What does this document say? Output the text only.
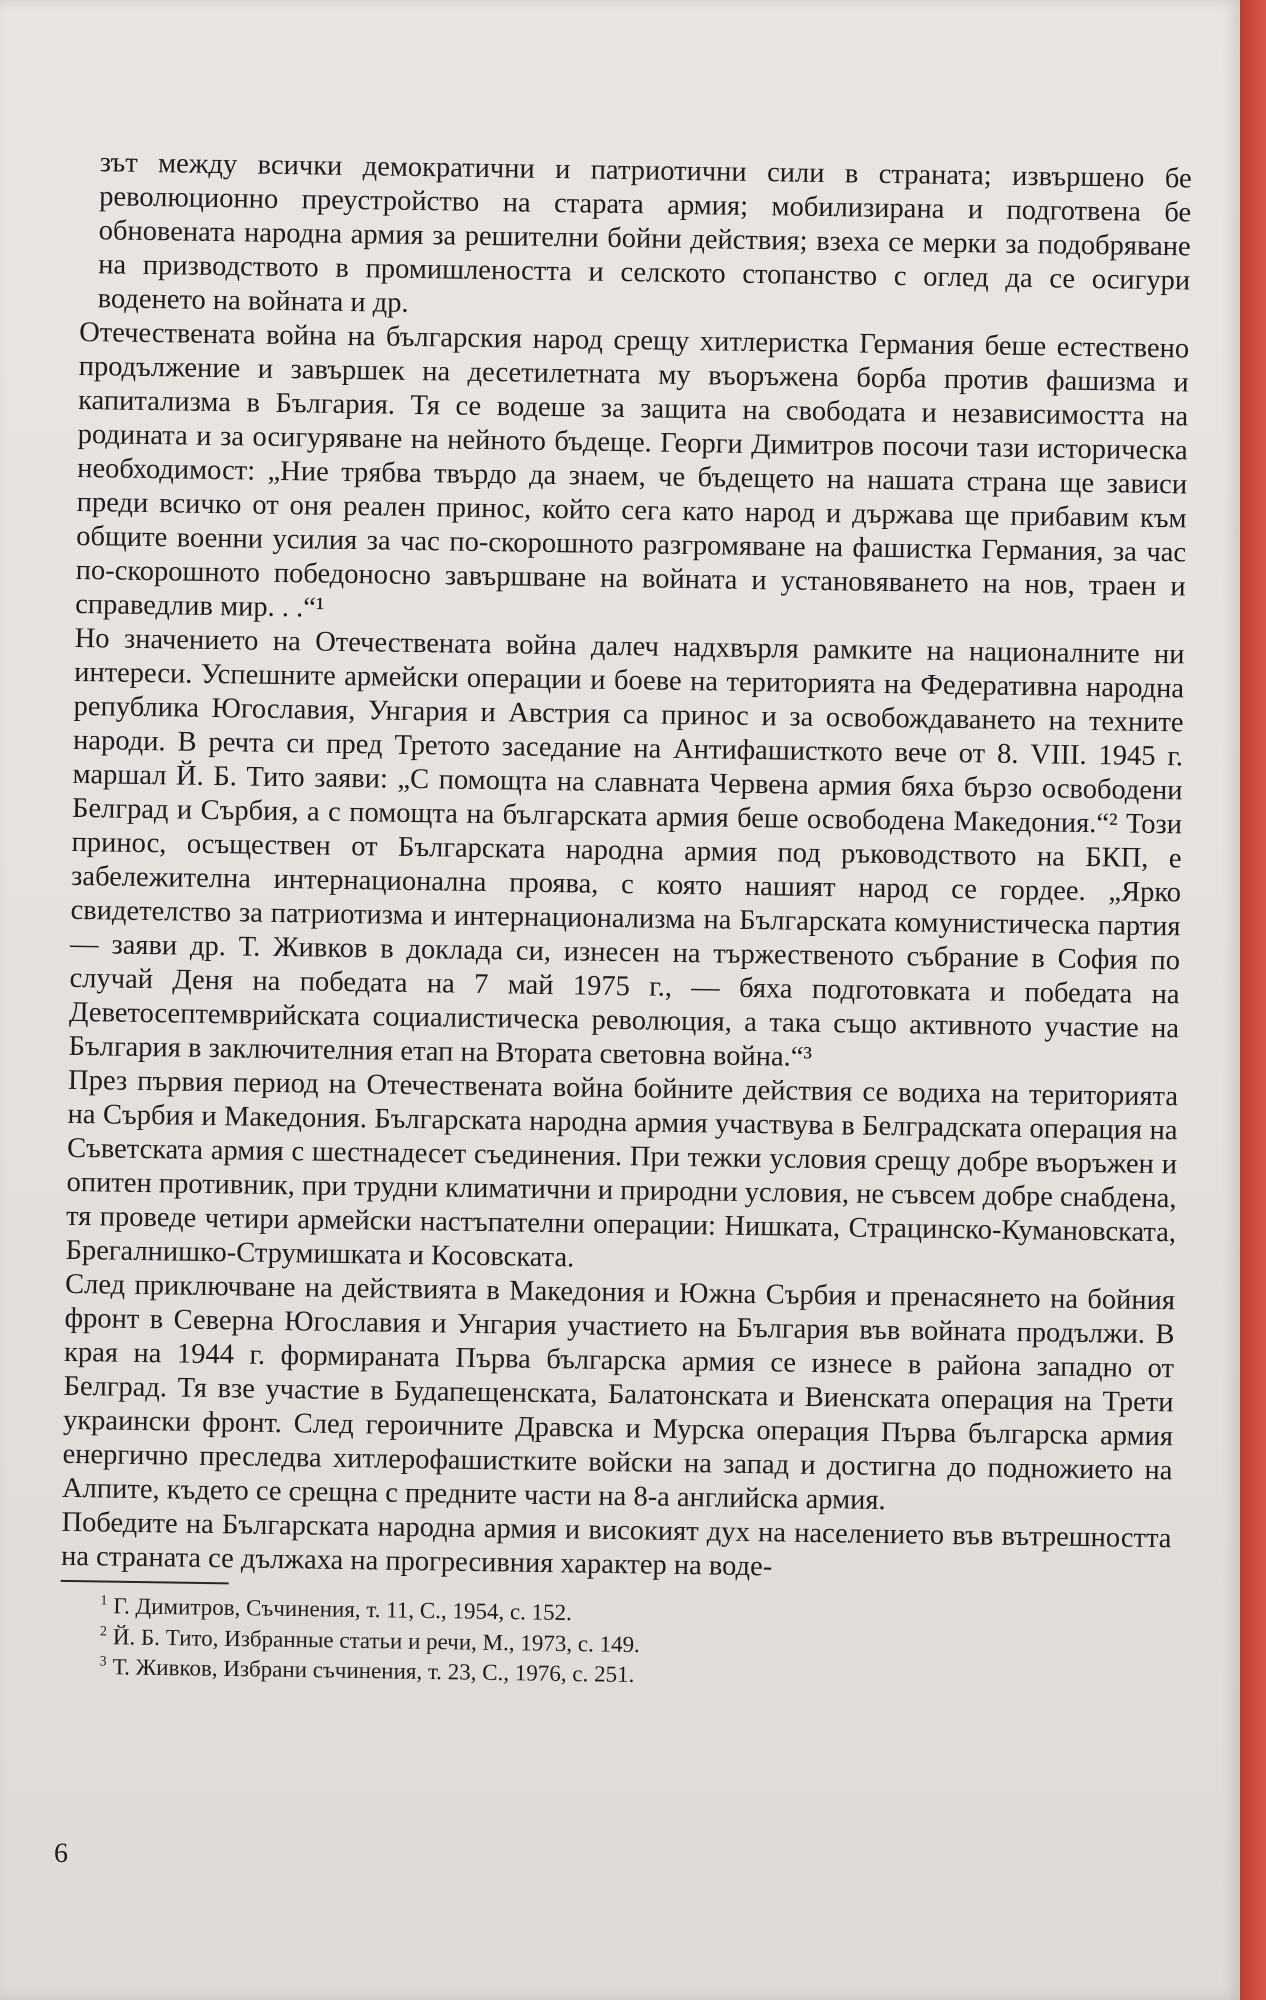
зът между всички демократични и патриотични сили в страната; извършено бе революционно преустройство на старата армия; мобилизирана и подготвена бе обновената народна армия за решителни бойни действия; взеха се мерки за подобряване на призводството в промишлеността и селското стопанство с оглед да се осигури воденето на войната и др.

Отечествената война на българския народ срещу хитлеристка Германия беше естествено продължение и завършек на десетилетната му въоръжена борба против фашизма и капитализма в България. Тя се водеше за защита на свободата и независимостта на родината и за осигуряване на нейното бъдеще. Георги Димитров посочи тази историческа необходимост: „Ние трябва твърдо да знаем, че бъдещето на нашата страна ще зависи преди всичко от оня реален принос, който сега като народ и държава ще прибавим към общите военни усилия за час по-скорошното разгромяване на фашистка Германия, за час по-скорошното победоносно завършване на войната и установяването на нов, траен и справедлив мир. . .“¹

Но значението на Отечествената война далеч надхвърля рамките на националните ни интереси. Успешните армейски операции и боеве на територията на Федеративна народна република Югославия, Унгария и Австрия са принос и за освобождаването на техните народи. В речта си пред Третото заседание на Антифашисткото вече от 8. VIII. 1945 г. маршал Й. Б. Тито заяви: „С помощта на славната Червена армия бяха бързо освободени Белград и Сърбия, а с помощта на българската армия беше освободена Македония.“² Този принос, осъществен от Българската народна армия под ръководството на БКП, е забележителна интернационална проява, с която нашият народ се гордее. „Ярко свидетелство за патриотизма и интернационализма на Българската комунистическа партия — заяви др. Т. Живков в доклада си, изнесен на тържественото събрание в София по случай Деня на победата на 7 май 1975 г., — бяха подготовката и победата на Деветосептемврийската социалистическа революция, а така също активното участие на България в заключителния етап на Втората световна война.“³

През първия период на Отечествената война бойните действия се водиха на територията на Сърбия и Македония. Българската народна армия участвува в Белградската операция на Съветската армия с шестнадесет съединения. При тежки условия срещу добре въоръжен и опитен противник, при трудни климатични и природни условия, не съвсем добре снабдена, тя проведе четири армейски настъпателни операции: Нишката, Страцинско-Кумановската, Брегалнишко-Струмишката и Косовската.

След приключване на действията в Македония и Южна Сърбия и пренасянето на бойния фронт в Северна Югославия и Унгария участието на България във войната продължи. В края на 1944 г. формираната Първа българска армия се изнесе в района западно от Белград. Тя взе участие в Будапещенската, Балатонската и Виенската операция на Трети украински фронт. След героичните Дравска и Мурска операция Първа българска армия енергично преследва хитлерофашистките войски на запад и достигна до подножието на Алпите, където се срещна с предните части на 8-а английска армия.

Победите на Българската народна армия и високият дух на населението във вътрешността на страната се дължаха на прогресивния характер на воде-

$^1$ Г. Димитров, Съчинения, т. 11, С., 1954, с. 152.
$^2$ Й. Б. Тито, Избранные статьи и речи, М., 1973, с. 149.
$^3$ Т. Живков, Избрани съчинения, т. 23, С., 1976, с. 251.
6
